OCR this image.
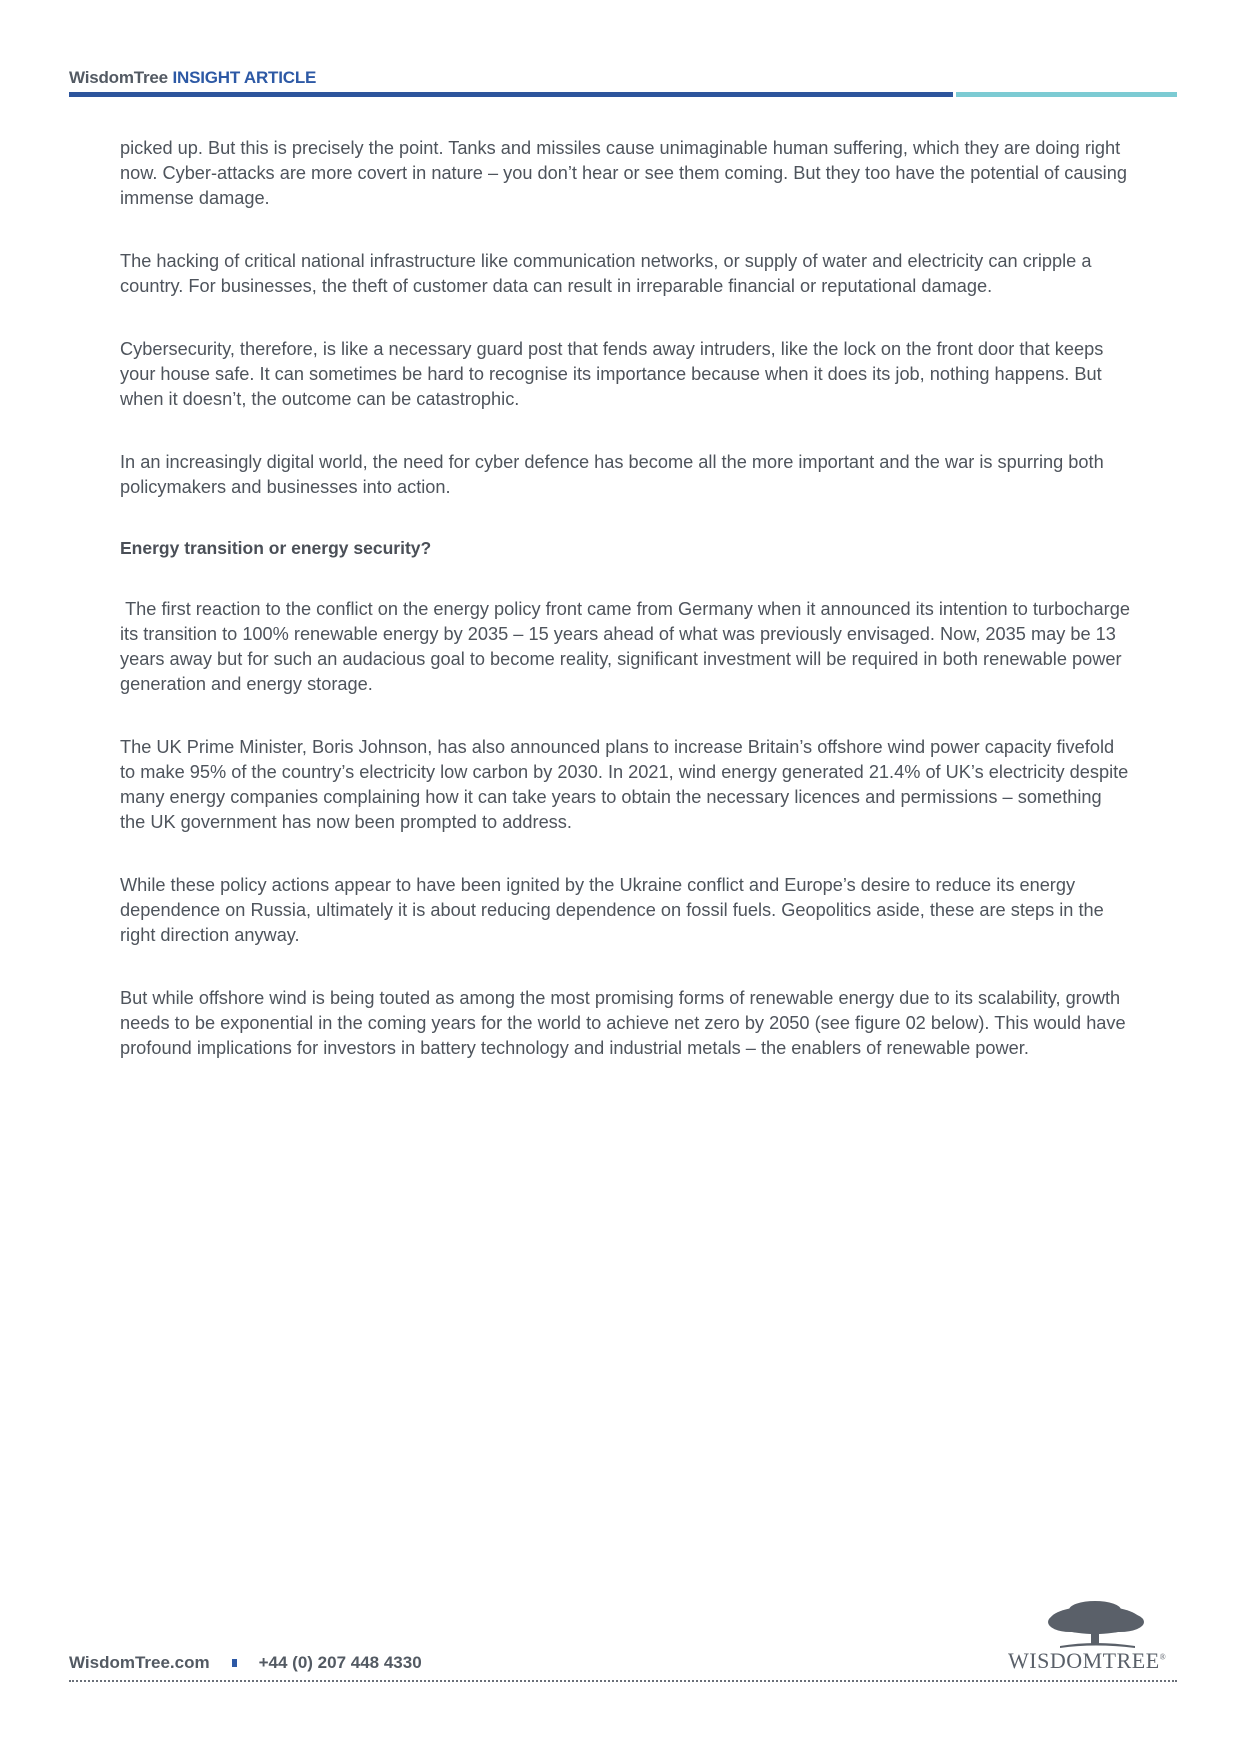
WisdomTree INSIGHT ARTICLE

picked up. But this is precisely the point. Tanks and missiles cause unimaginable human suffering, which they are doing right now. Cyber-attacks are more covert in nature – you don’t hear or see them coming. But they too have the potential of causing immense damage.

The hacking of critical national infrastructure like communication networks, or supply of water and electricity can cripple a country. For businesses, the theft of customer data can result in irreparable financial or reputational damage.

Cybersecurity, therefore, is like a necessary guard post that fends away intruders, like the lock on the front door that keeps your house safe. It can sometimes be hard to recognise its importance because when it does its job, nothing happens. But when it doesn’t, the outcome can be catastrophic.

In an increasingly digital world, the need for cyber defence has become all the more important and the war is spurring both policymakers and businesses into action.

Energy transition or energy security?

The first reaction to the conflict on the energy policy front came from Germany when it announced its intention to turbocharge its transition to 100% renewable energy by 2035 – 15 years ahead of what was previously envisaged. Now, 2035 may be 13 years away but for such an audacious goal to become reality, significant investment will be required in both renewable power generation and energy storage.

The UK Prime Minister, Boris Johnson, has also announced plans to increase Britain’s offshore wind power capacity fivefold to make 95% of the country’s electricity low carbon by 2030. In 2021, wind energy generated 21.4% of UK’s electricity despite many energy companies complaining how it can take years to obtain the necessary licences and permissions – something the UK government has now been prompted to address.

While these policy actions appear to have been ignited by the Ukraine conflict and Europe’s desire to reduce its energy dependence on Russia, ultimately it is about reducing dependence on fossil fuels. Geopolitics aside, these are steps in the right direction anyway.

But while offshore wind is being touted as among the most promising forms of renewable energy due to its scalability, growth needs to be exponential in the coming years for the world to achieve net zero by 2050 (see figure 02 below). This would have profound implications for investors in battery technology and industrial metals – the enablers of renewable power.

WisdomTree.com	+44 (0) 207 448 4330	WISDOMTREE®
